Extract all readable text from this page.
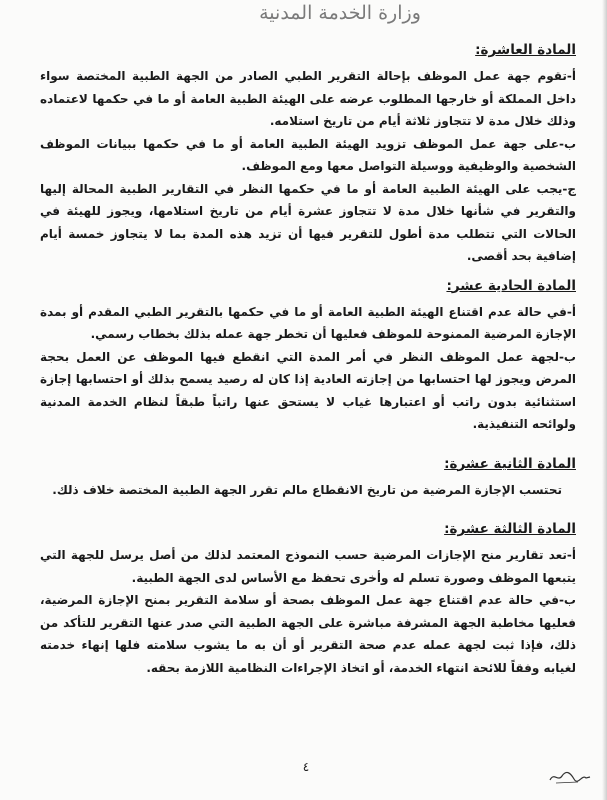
وزارة الخدمة المدنية
المادة العاشرة:

أ-تقوم جهة عمل الموظف بإحالة التقرير الطبي الصادر من الجهة الطبية المختصة سواء داخل المملكة أو خارجها المطلوب عرضه على الهيئة الطبية العامة أو ما في حكمها لاعتماده وذلك خلال مدة لا تتجاوز ثلاثة أيام من تاريخ استلامه.

ب-على جهة عمل الموظف تزويد الهيئة الطبية العامة أو ما في حكمها ببيانات الموظف الشخصية والوظيفية ووسيلة التواصل معها ومع الموظف.

ج-يجب على الهيئة الطبية العامة أو ما في حكمها النظر في التقارير الطبية المحالة إليها والتقرير في شأنها خلال مدة لا تتجاوز عشرة أيام من تاريخ استلامها، ويجوز للهيئة في الحالات التي تتطلب مدة أطول للتقرير فيها أن تزيد هذه المدة بما لا يتجاوز خمسة أيام إضافية بحد أقصى.

المادة الحادية عشر:

أ-في حالة عدم اقتناع الهيئة الطبية العامة أو ما في حكمها بالتقرير الطبي المقدم أو بمدة الإجازة المرضية الممنوحة للموظف فعليها أن تخطر جهة عمله بذلك بخطاب رسمي.

ب-لجهة عمل الموظف النظر في أمر المدة التي انقطع فيها الموظف عن العمل بحجة المرض ويجوز لها احتسابها من إجازته العادية إذا كان له رصيد يسمح بذلك أو احتسابها إجازة استثنائية بدون راتب أو اعتبارها غياب لا يستحق عنها راتباً طبقاً لنظام الخدمة المدنية ولوائحه التنفيذية.

المادة الثانية عشرة:

تحتسب الإجازة المرضية من تاريخ الانقطاع مالم تقرر الجهة الطبية المختصة خلاف ذلك.

المادة الثالثة عشرة:

أ-تعد تقارير منح الإجازات المرضية حسب النموذج المعتمد لذلك من أصل يرسل للجهة التي يتبعها الموظف وصورة تسلم له وأخرى تحفظ مع الأساس لدى الجهة الطبية.

ب-في حالة عدم اقتناع جهة عمل الموظف بصحة أو سلامة التقرير بمنح الإجازة المرضية، فعليها مخاطبة الجهة المشرفة مباشرة على الجهة الطبية التي صدر عنها التقرير للتأكد من ذلك، فإذا ثبت لجهة عمله عدم صحة التقرير أو أن به ما يشوب سلامته فلها إنهاء خدمته لغيابه وفقاً للائحة انتهاء الخدمة، أو اتخاذ الإجراءات النظامية اللازمة بحقه.

٤
